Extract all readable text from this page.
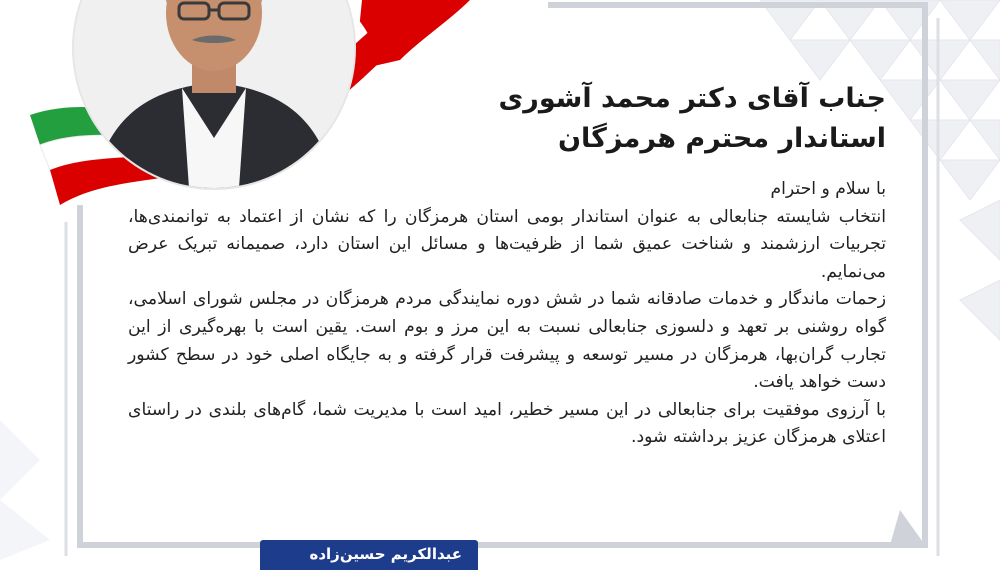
جناب آقای دکتر محمد آشوری
استاندار محترم هرمزگان

با سلام و احترام

انتخاب شایسته جنابعالی به عنوان استاندار بومی استان هرمزگان را که نشان از اعتماد به توانمندی‌ها، تجربیات ارزشمند و شناخت عمیق شما از ظرفیت‌ها و مسائل این استان دارد، صمیمانه تبریک عرض می‌نمایم.

زحمات ماندگار و خدمات صادقانه شما در شش دوره نمایندگی مردم هرمزگان در مجلس شورای اسلامی، گواه روشنی بر تعهد و دلسوزی جنابعالی نسبت به این مرز و بوم است. یقین است با بهره‌گیری از این تجارب گران‌بها، هرمزگان در مسیر توسعه و پیشرفت قرار گرفته و به جایگاه اصلی خود در سطح کشور دست خواهد یافت.

با آرزوی موفقیت برای جنابعالی در این مسیر خطیر، امید است با مدیریت شما، گام‌های بلندی در راستای اعتلای هرمزگان عزیز برداشته شود.

عبدالکریم حسین‌زاده
